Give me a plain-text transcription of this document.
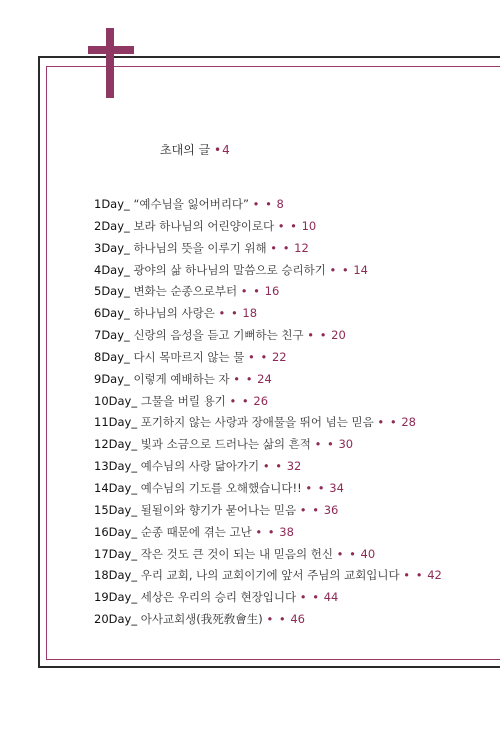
초대의 글 •4
1Day_ “예수님을 잃어버리다” • • 8
2Day_ 보라 하나님의 어린양이로다 • • 10
3Day_ 하나님의 뜻을 이루기 위해 • • 12
4Day_ 광야의 삶 하나님의 말씀으로 승리하기 • • 14
5Day_ 변화는 순종으로부터 • • 16
6Day_ 하나님의 사랑은 • • 18
7Day_ 신랑의 음성을 듣고 기뻐하는 친구 • • 20
8Day_ 다시 목마르지 않는 물 • • 22
9Day_ 이렇게 예배하는 자 • • 24
10Day_ 그물을 버릴 용기 • • 26
11Day_ 포기하지 않는 사랑과 장애물을 뛰어 넘는 믿음 • • 28
12Day_ 빛과 소금으로 드러나는 삶의 흔적 • • 30
13Day_ 예수님의 사랑 닮아가기 • • 32
14Day_ 예수님의 기도를 오해했습니다!! • • 34
15Day_ 될될이와 향기가 묻어나는 믿음 • • 36
16Day_ 순종 때문에 겪는 고난 • • 38
17Day_ 작은 것도 큰 것이 되는 내 믿음의 헌신 • • 40
18Day_ 우리 교회, 나의 교회이기에 앞서 주님의 교회입니다 • • 42
19Day_ 세상은 우리의 승리 현장입니다 • • 44
20Day_ 아사교회생(我死敎會生) • • 46
